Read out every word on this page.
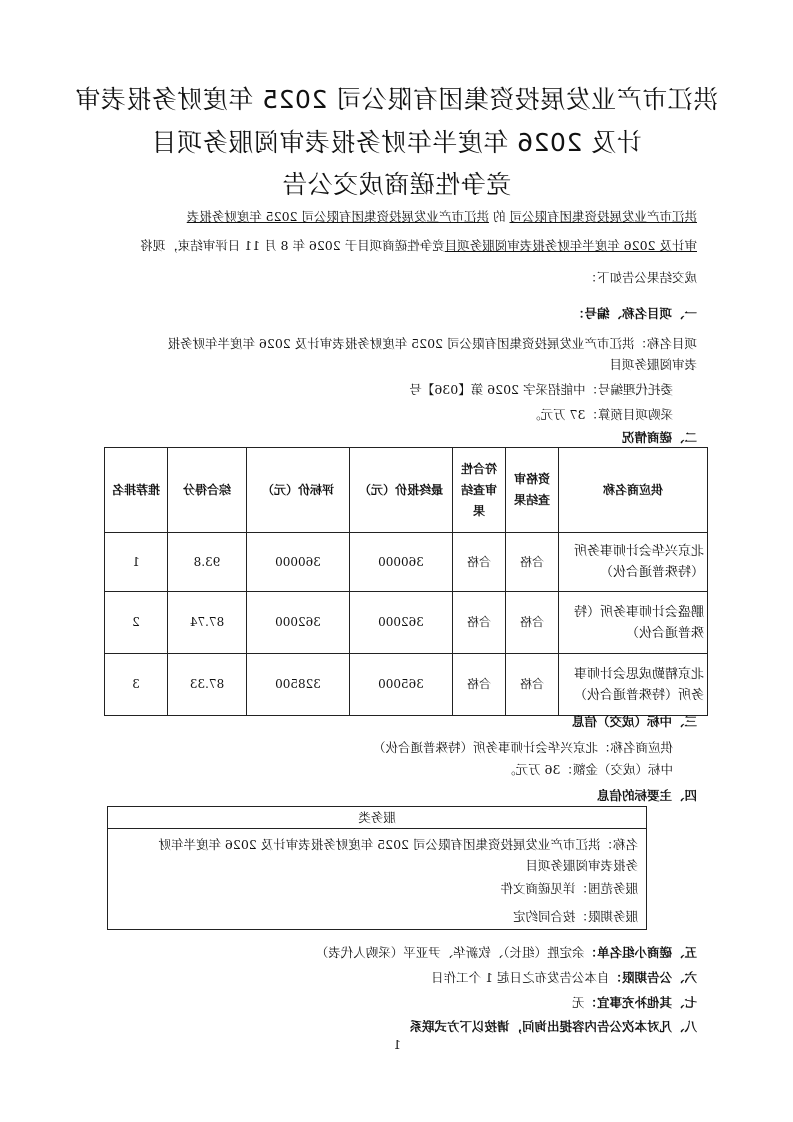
洪江市产业发展投资集团有限公司 2025 年度财务报表审
计及 2026 年度半年财务报表审阅服务项目
竞争性磋商成交公告
洪江市产业发展投资集团有限公司 的 洪江市产业发展投资集团有限公司 2025 年度财务报表
审计及 2026 年度半年财务报表审阅服务项目竞争性磋商项目于 2026 年 8 月 11 日评审结束，现将
成交结果公告如下：
一、项目名称、编号：
项目名称：洪江市产业发展投资集团有限公司 2025 年度财务报表审计及 2026 年度半年财务报
表审阅服务项目
委托代理编号：中能招采字 2026 第【036】号
采购项目预算：37 万元。
二、磋商情况
供应商名称	资格审查结果	符合性审查结果	最终报价（元）	评标价（元）	综合得分	推荐排名
北京兴华会计师事务所（特殊普通合伙）	合格	合格	360000	360000	93.8	1
鹏盛会计师事务所（特殊普通合伙）	合格	合格	362000	362000	87.74	2
北京精勤成思会计师事务所（特殊普通合伙）	合格	合格	365000	328500	87.33	3
三、中标（成交）信息
供应商名称：北京兴华会计师事务所（特殊普通合伙）
中标（成交）金额：36 万元。
四、主要标的信息
服务类
名称：洪江市产业发展投资集团有限公司 2025 年度财务报表审计及 2026 年度半年财
务报表审阅服务项目
服务范围：详见磋商文件
服务期限：按合同约定
五、磋商小组名单：余定胜（组长）、钦新华、尹亚平（采购人代表）
六、公告期限：自本公告发布之日起 1 个工作日
七、其他补充事宜：无
八、凡对本次公告内容提出询问，请按以下方式联系
1
